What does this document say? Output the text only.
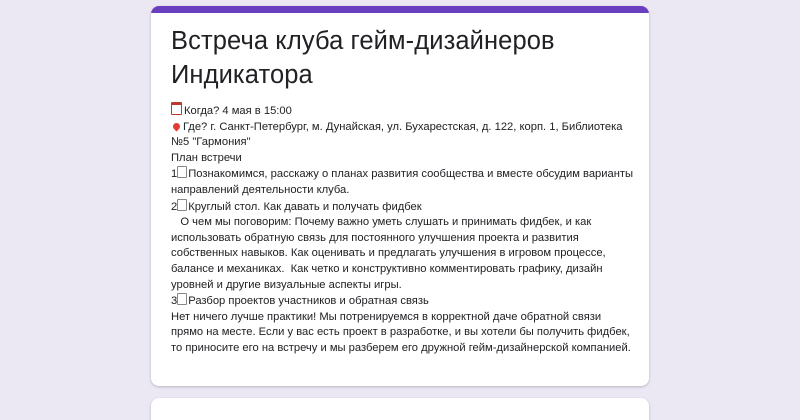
Встреча клуба гейм-дизайнеров Индикатора
Когда? 4 мая в 15:00
Где? г. Санкт-Петербург, м. Дунайская, ул. Бухарестская, д. 122, корп. 1, Библиотека №5 "Гармония"
План встречи
1 Познакомимся, расскажу о планах развития сообщества и вместе обсудим варианты направлений деятельности клуба.
2 Круглый стол. Как давать и получать фидбек
О чем мы поговорим: Почему важно уметь слушать и принимать фидбек, и как использовать обратную связь для постоянного улучшения проекта и развития собственных навыков. Как оценивать и предлагать улучшения в игровом процессе, балансе и механиках.  Как четко и конструктивно комментировать графику, дизайн уровней и другие визуальные аспекты игры.
3 Разбор проектов участников и обратная связь
Нет ничего лучше практики! Мы потренируемся в корректной даче обратной связи прямо на месте. Если у вас есть проект в разработке, и вы хотели бы получить фидбек, то приносите его на встречу и мы разберем его дружной гейм-дизайнерской компанией.
